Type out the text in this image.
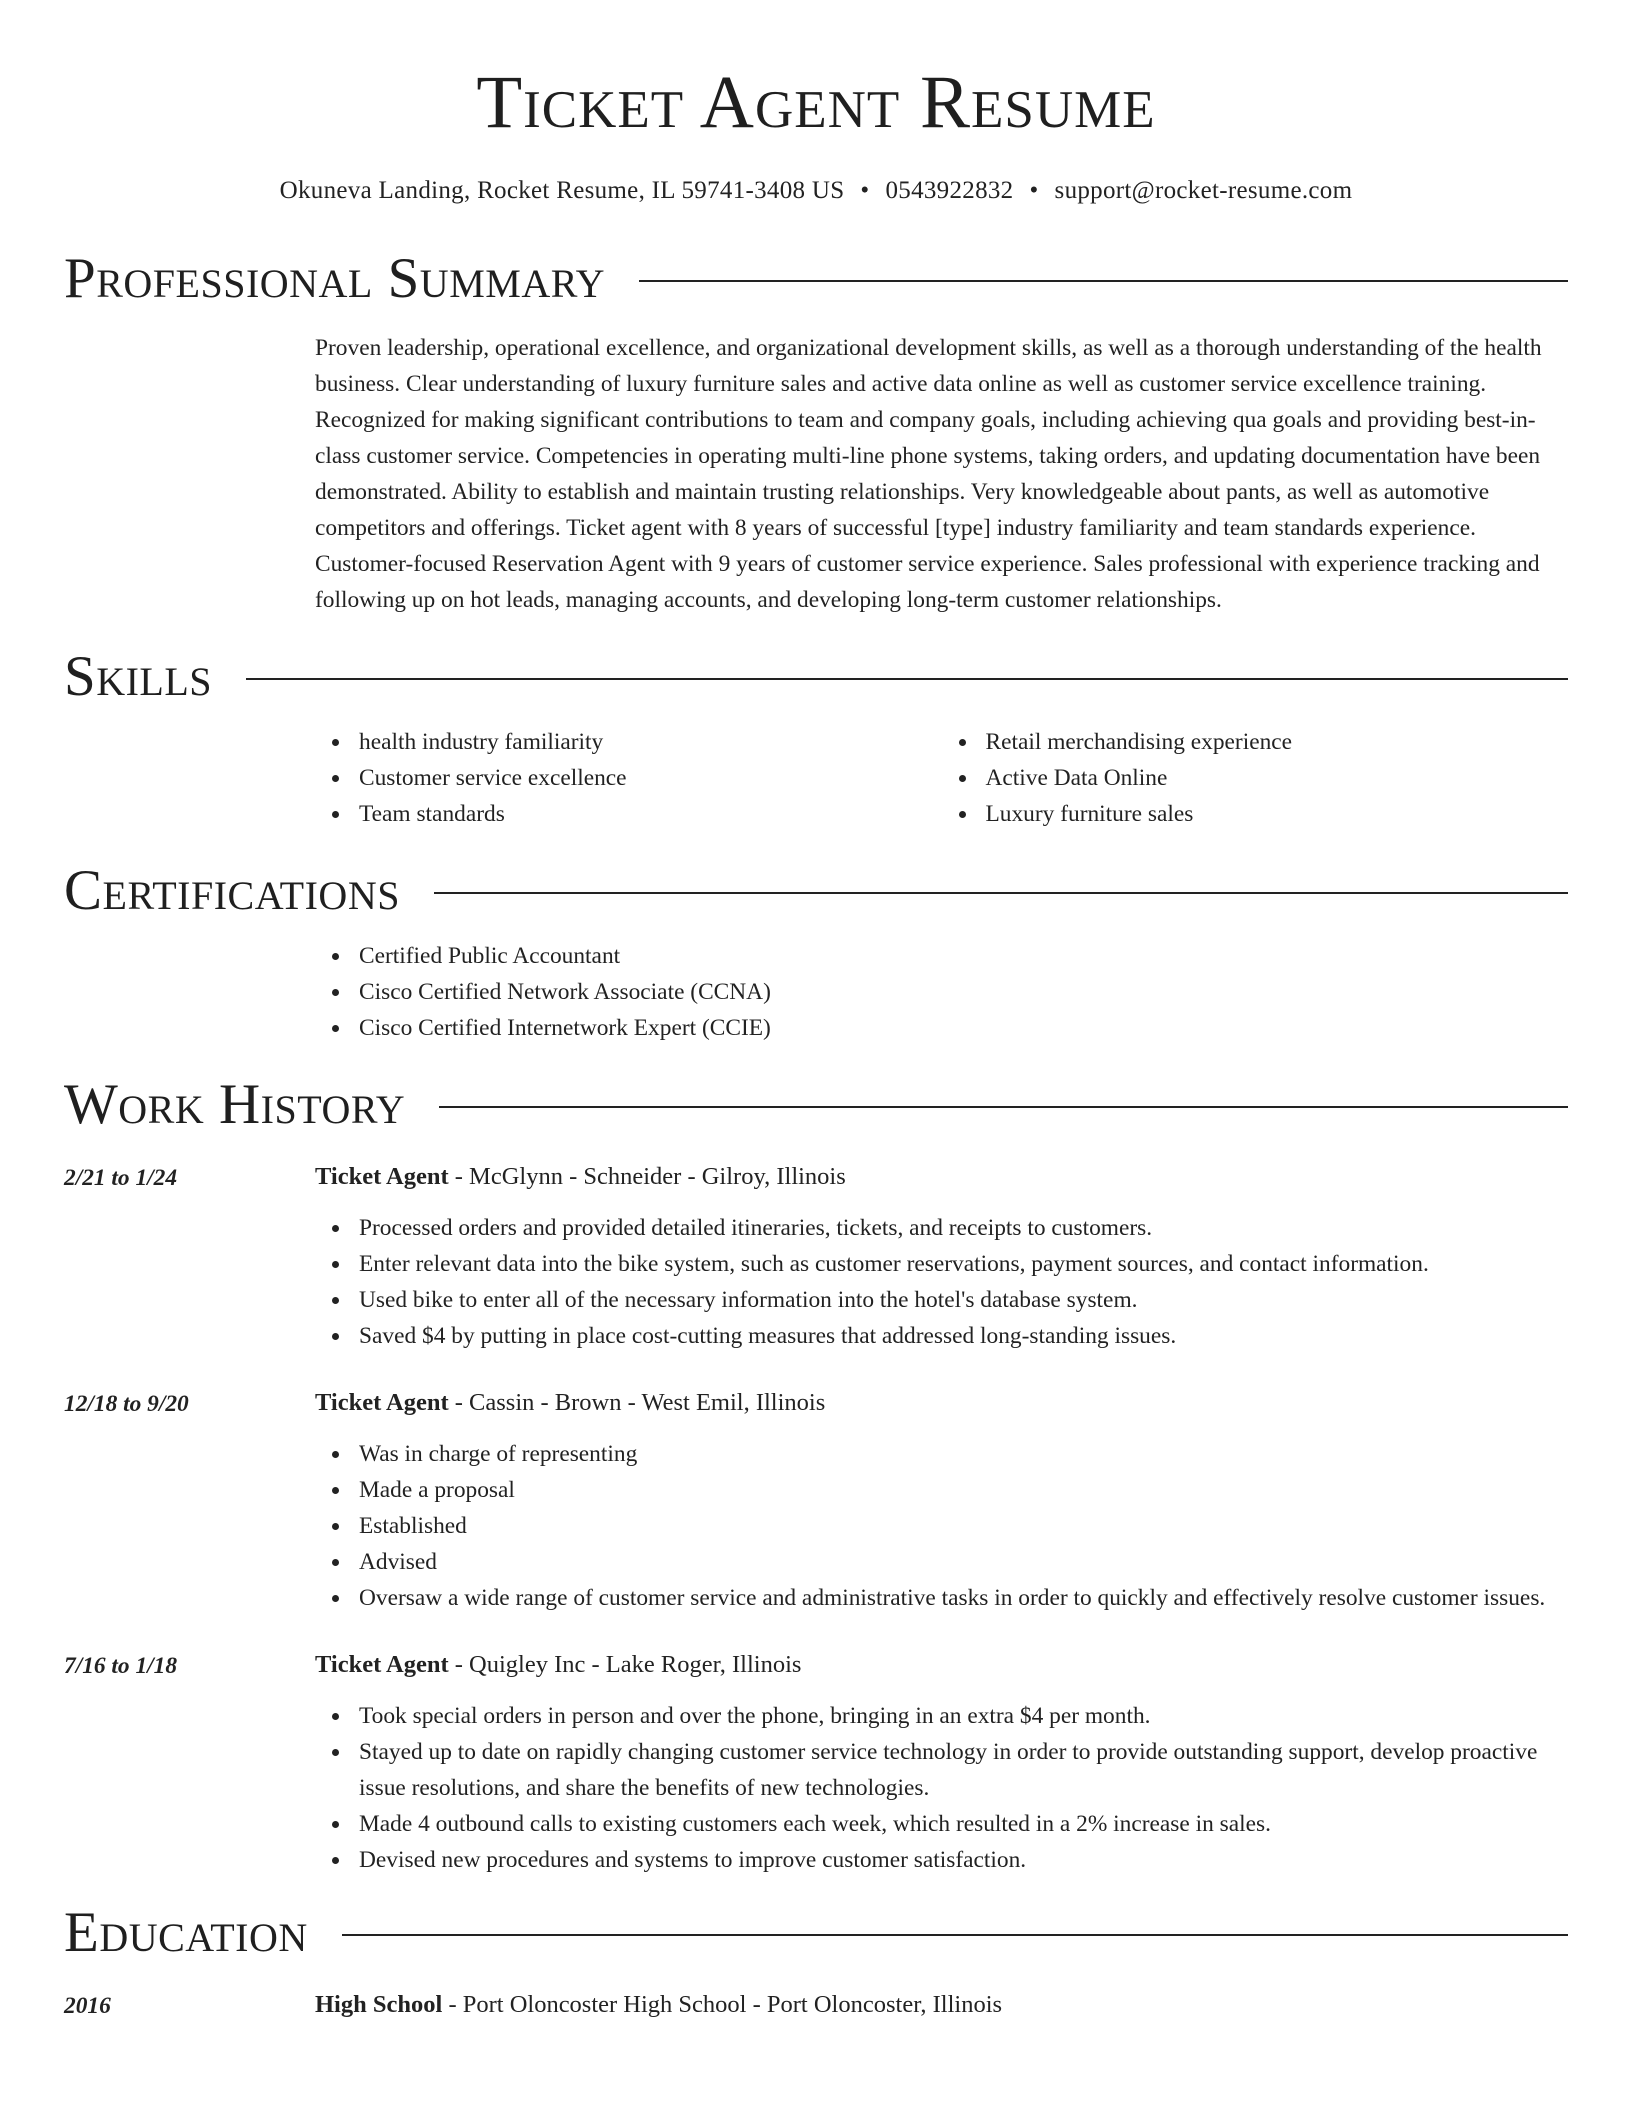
Ticket Agent Resume
Okuneva Landing, Rocket Resume, IL 59741-3408 US • 0543922832 • support@rocket-resume.com
Professional Summary
Proven leadership, operational excellence, and organizational development skills, as well as a thorough understanding of the health business. Clear understanding of luxury furniture sales and active data online as well as customer service excellence training. Recognized for making significant contributions to team and company goals, including achieving qua goals and providing best-in-class customer service. Competencies in operating multi-line phone systems, taking orders, and updating documentation have been demonstrated. Ability to establish and maintain trusting relationships. Very knowledgeable about pants, as well as automotive competitors and offerings. Ticket agent with 8 years of successful [type] industry familiarity and team standards experience. Customer-focused Reservation Agent with 9 years of customer service experience. Sales professional with experience tracking and following up on hot leads, managing accounts, and developing long-term customer relationships.
Skills
health industry familiarity
Customer service excellence
Team standards
Retail merchandising experience
Active Data Online
Luxury furniture sales
Certifications
Certified Public Accountant
Cisco Certified Network Associate (CCNA)
Cisco Certified Internetwork Expert (CCIE)
Work History
2/21 to 1/24	Ticket Agent - McGlynn - Schneider - Gilroy, Illinois
Processed orders and provided detailed itineraries, tickets, and receipts to customers.
Enter relevant data into the bike system, such as customer reservations, payment sources, and contact information.
Used bike to enter all of the necessary information into the hotel's database system.
Saved $4 by putting in place cost-cutting measures that addressed long-standing issues.
12/18 to 9/20	Ticket Agent - Cassin - Brown - West Emil, Illinois
Was in charge of representing
Made a proposal
Established
Advised
Oversaw a wide range of customer service and administrative tasks in order to quickly and effectively resolve customer issues.
7/16 to 1/18	Ticket Agent - Quigley Inc - Lake Roger, Illinois
Took special orders in person and over the phone, bringing in an extra $4 per month.
Stayed up to date on rapidly changing customer service technology in order to provide outstanding support, develop proactive issue resolutions, and share the benefits of new technologies.
Made 4 outbound calls to existing customers each week, which resulted in a 2% increase in sales.
Devised new procedures and systems to improve customer satisfaction.
Education
2016	High School - Port Oloncoster High School - Port Oloncoster, Illinois
